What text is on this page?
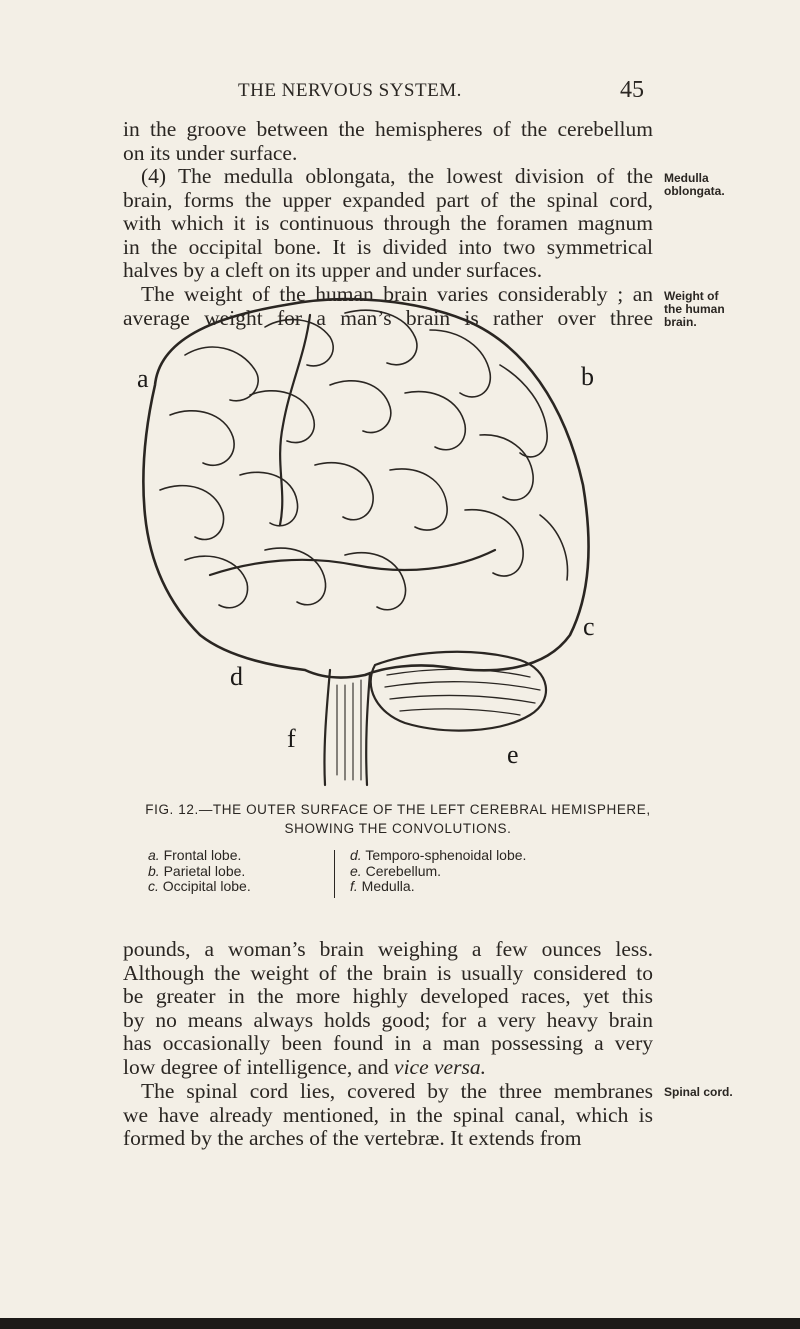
THE NERVOUS SYSTEM.	45
in the groove between the hemispheres of the cerebellum
on its under surface.
(4) The medulla oblongata, the lowest division of the
brain, forms the upper expanded part of the spinal cord,
with which it is continuous through the foramen magnum
in the occipital bone. It is divided into two symmetrical
halves by a cleft on its upper and under surfaces.
The weight of the human brain varies considerably ; an
average weight for a man’s brain is rather over three
Medulla
oblongata.
Weight of
the human
brain.
a	b
c
d
e
f
FIG. 12.—THE OUTER SURFACE OF THE LEFT CEREBRAL HEMISPHERE,
SHOWING THE CONVOLUTIONS.
a. Frontal lobe.
b. Parietal lobe.
c. Occipital lobe.
d. Temporo-sphenoidal lobe.
e. Cerebellum.
f. Medulla.
pounds, a woman’s brain weighing a few ounces less.
Although the weight of the brain is usually considered to
be greater in the more highly developed races, yet this
by no means always holds good; for a very heavy brain
has occasionally been found in a man possessing a very
low degree of intelligence, and vice versa.
The spinal cord lies, covered by the three membranes
we have already mentioned, in the spinal canal, which is
formed by the arches of the vertebræ. It extends from
Spinal cord.
